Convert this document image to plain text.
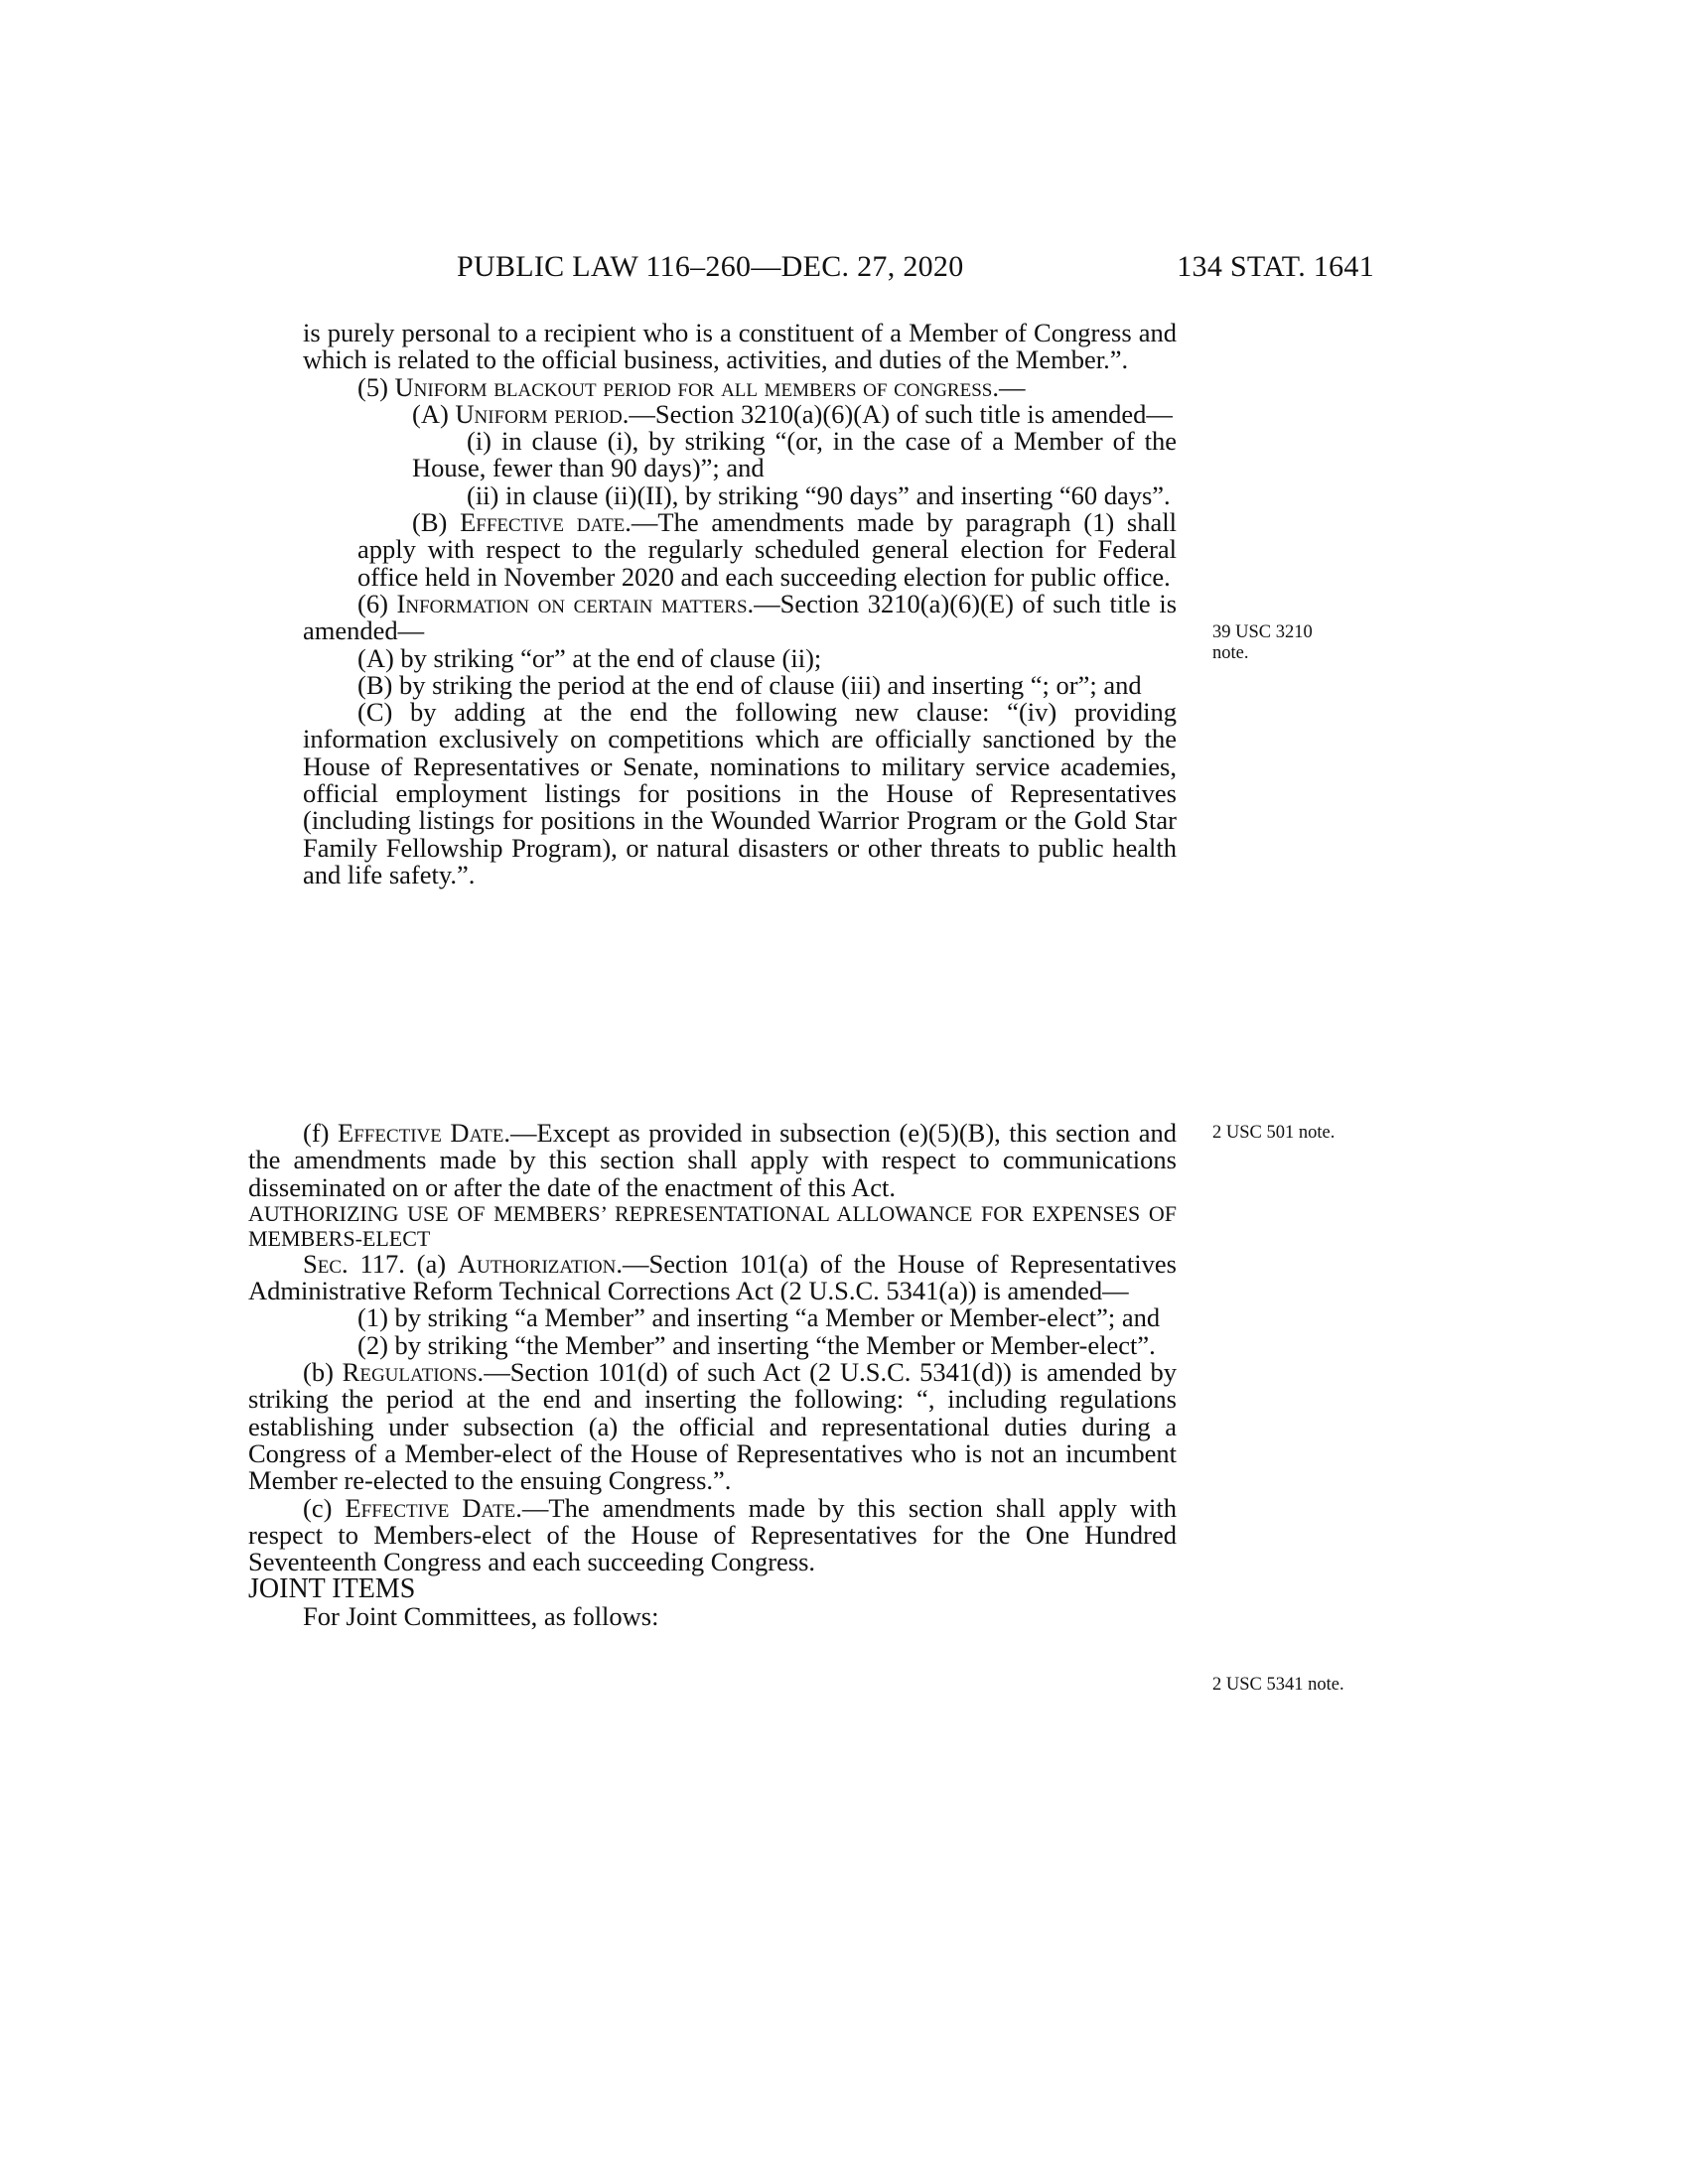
PUBLIC LAW 116–260—DEC. 27, 2020	134 STAT. 1641

is purely personal to a recipient who is a constituent of a Member of Congress and which is related to the official business, activities, and duties of the Member.”.

(5) Uniform blackout period for all members of congress.—

(A) Uniform period.—Section 3210(a)(6)(A) of such title is amended—

(i) in clause (i), by striking “(or, in the case of a Member of the House, fewer than 90 days)”; and

(ii) in clause (ii)(II), by striking “90 days” and inserting “60 days”.

(B) Effective date.—The amendments made by paragraph (1) shall apply with respect to the regularly scheduled general election for Federal office held in November 2020 and each succeeding election for public office.

(6) Information on certain matters.—Section 3210(a)(6)(E) of such title is amended—

(A) by striking “or” at the end of clause (ii);

(B) by striking the period at the end of clause (iii) and inserting “; or”; and

(C) by adding at the end the following new clause: “(iv) providing information exclusively on competitions which are officially sanctioned by the House of Representatives or Senate, nominations to military service academies, official employment listings for positions in the House of Representatives (including listings for positions in the Wounded Warrior Program or the Gold Star Family Fellowship Program), or natural disasters or other threats to public health and life safety.”.

(f) Effective Date.—Except as provided in subsection (e)(5)(B), this section and the amendments made by this section shall apply with respect to communications disseminated on or after the date of the enactment of this Act.

AUTHORIZING USE OF MEMBERS’ REPRESENTATIONAL ALLOWANCE FOR EXPENSES OF MEMBERS-ELECT

Sec. 117. (a) Authorization.—Section 101(a) of the House of Representatives Administrative Reform Technical Corrections Act (2 U.S.C. 5341(a)) is amended—

(1) by striking “a Member” and inserting “a Member or Member-elect”; and

(2) by striking “the Member” and inserting “the Member or Member-elect”.

(b) Regulations.—Section 101(d) of such Act (2 U.S.C. 5341(d)) is amended by striking the period at the end and inserting the following: “, including regulations establishing under subsection (a) the official and representational duties during a Congress of a Member-elect of the House of Representatives who is not an incumbent Member re-elected to the ensuing Congress.”.

(c) Effective Date.—The amendments made by this section shall apply with respect to Members-elect of the House of Representatives for the One Hundred Seventeenth Congress and each succeeding Congress.

JOINT ITEMS

For Joint Committees, as follows:

39 USC 3210
note.
2 USC 501 note.
2 USC 5341 note.
